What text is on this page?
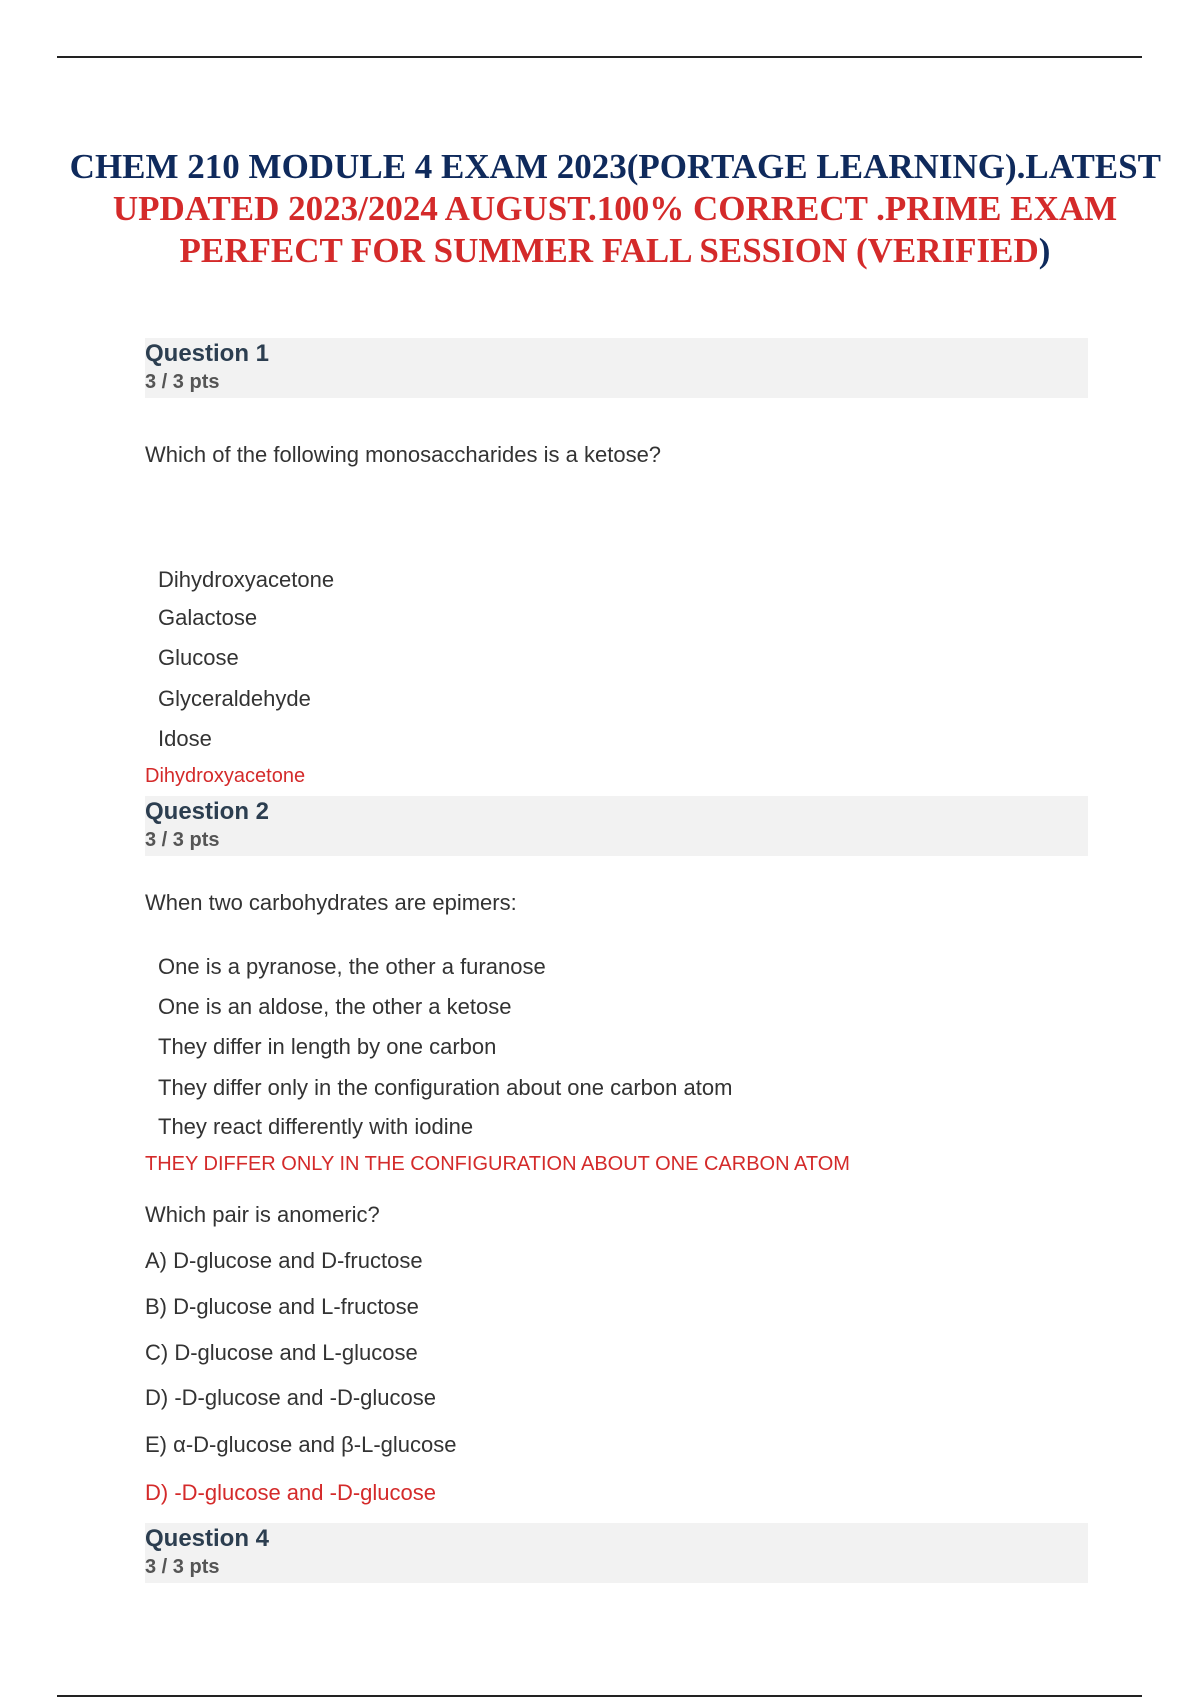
CHEM 210 MODULE 4 EXAM 2023(PORTAGE LEARNING).LATEST UPDATED 2023/2024 AUGUST.100% CORRECT .PRIME EXAM PERFECT FOR SUMMER FALL SESSION (VERIFIED)
Question 1
3 / 3 pts
Which of the following monosaccharides is a ketose?
Dihydroxyacetone
Galactose
Glucose
Glyceraldehyde
Idose
Dihydroxyacetone
Question 2
3 / 3 pts
When two carbohydrates are epimers:
One is a pyranose, the other a furanose
One is an aldose, the other a ketose
They differ in length by one carbon
They differ only in the configuration about one carbon atom
They react differently with iodine
THEY DIFFER ONLY IN THE CONFIGURATION ABOUT ONE CARBON ATOM
Which pair is anomeric?
A) D-glucose and D-fructose
B) D-glucose and L-fructose
C) D-glucose and L-glucose
D) -D-glucose and -D-glucose
E) α-D-glucose and β-L-glucose
D) -D-glucose and -D-glucose
Question 4
3 / 3 pts
